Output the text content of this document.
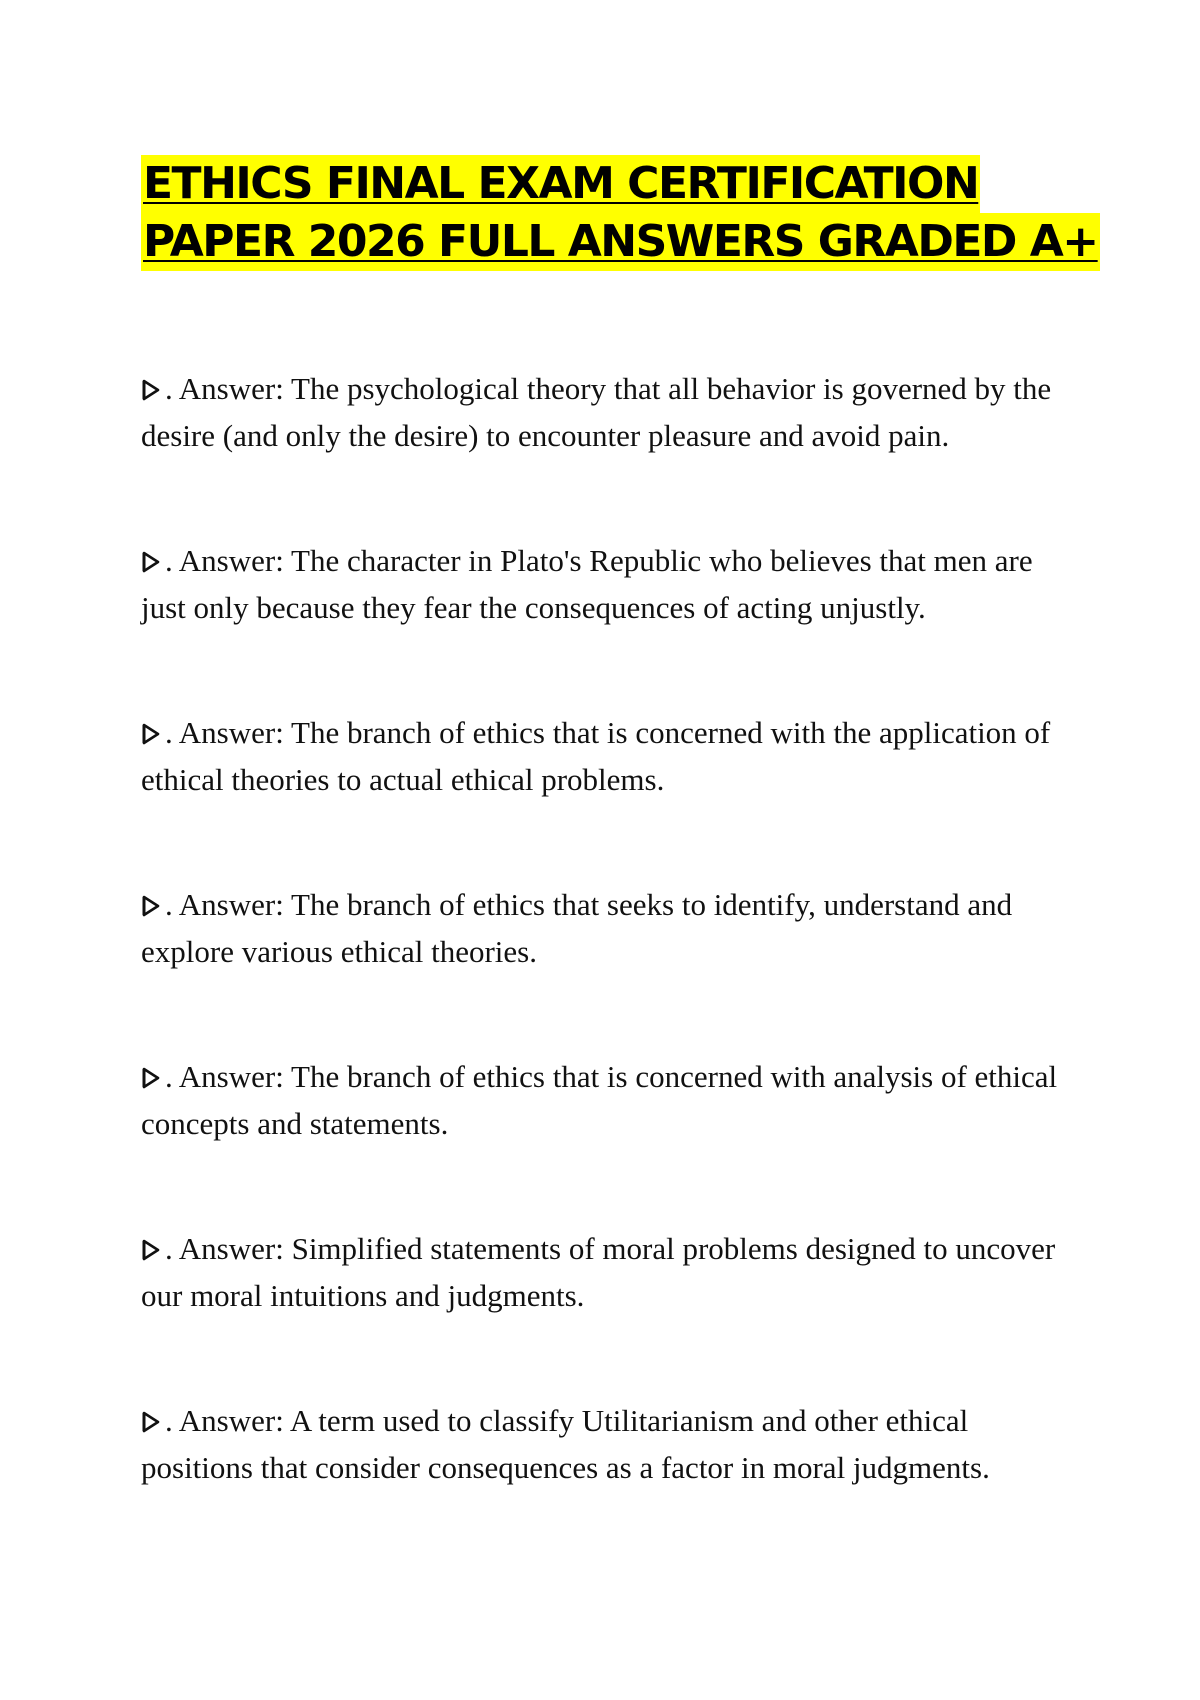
ETHICS FINAL EXAM CERTIFICATION
PAPER 2026 FULL ANSWERS GRADED A+
. Answer: The psychological theory that all behavior is governed by the desire (and only the desire) to encounter pleasure and avoid pain.
. Answer: The character in Plato's Republic who believes that men are just only because they fear the consequences of acting unjustly.
. Answer: The branch of ethics that is concerned with the application of ethical theories to actual ethical problems.
. Answer: The branch of ethics that seeks to identify, understand and explore various ethical theories.
. Answer: The branch of ethics that is concerned with analysis of ethical concepts and statements.
. Answer: Simplified statements of moral problems designed to uncover our moral intuitions and judgments.
. Answer: A term used to classify Utilitarianism and other ethical positions that consider consequences as a factor in moral judgments.
